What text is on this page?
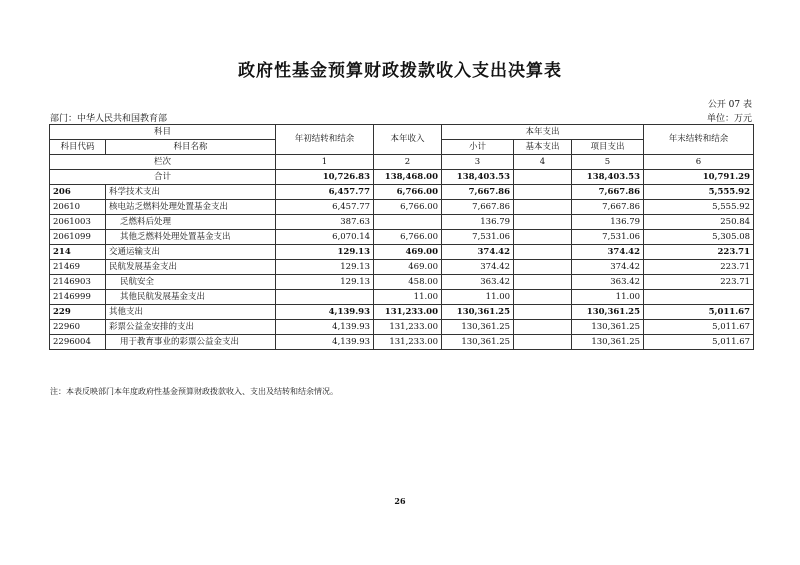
政府性基金预算财政拨款收入支出决算表
公开 07 表
部门：中华人民共和国教育部	单位：万元
科目		年初结转和结余	本年收入	本年支出			年末结转和结余
科目代码	科目名称			小计	基本支出	项目支出	
栏次		1	2	3	4	5	6
合计		10,726.83	138,468.00	138,403.53		138,403.53	10,791.29
206	科学技术支出	6,457.77	6,766.00	7,667.86		7,667.86	5,555.92
20610	核电站乏燃料处理处置基金支出	6,457.77	6,766.00	7,667.86		7,667.86	5,555.92
2061003	乏燃料后处理	387.63		136.79		136.79	250.84
2061099	其他乏燃料处理处置基金支出	6,070.14	6,766.00	7,531.06		7,531.06	5,305.08
214	交通运输支出	129.13	469.00	374.42		374.42	223.71
21469	民航发展基金支出	129.13	469.00	374.42		374.42	223.71
2146903	民航安全	129.13	458.00	363.42		363.42	223.71
2146999	其他民航发展基金支出		11.00	11.00		11.00	
229	其他支出	4,139.93	131,233.00	130,361.25		130,361.25	5,011.67
22960	彩票公益金安排的支出	4,139.93	131,233.00	130,361.25		130,361.25	5,011.67
2296004	用于教育事业的彩票公益金支出	4,139.93	131,233.00	130,361.25		130,361.25	5,011.67
注：本表反映部门本年度政府性基金预算财政拨款收入、支出及结转和结余情况。
26
